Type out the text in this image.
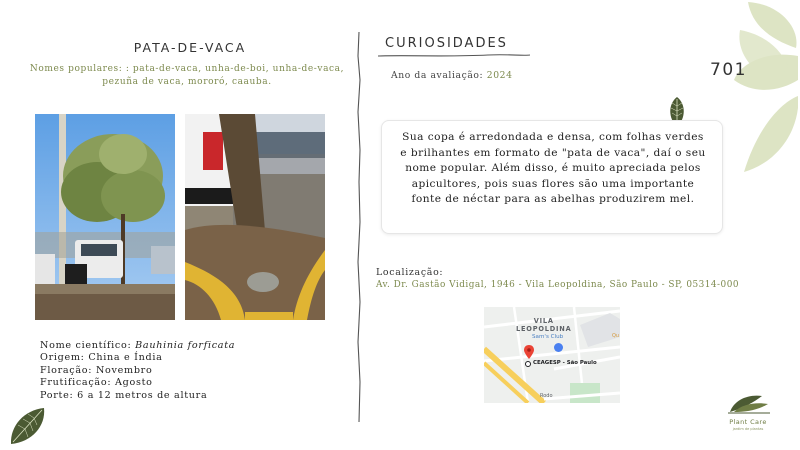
PATA-DE-VACA
Nomes populares: : pata-de-vaca, unha-de-boi, unha-de-vaca, pezuña de vaca, mororó, caauba.
Nome científico: Bauhinia forficata
Origem: China e Índia
Floração: Novembro
Frutificação: Agosto
Porte: 6 a 12 metros de altura
CURIOSIDADES
Ano da avaliação: 2024	701
Sua copa é arredondada e densa, com folhas verdes e brilhantes em formato de "pata de vaca", daí o seu nome popular. Além disso, é muito apreciada pelos apicultores, pois suas flores são uma importante fonte de néctar para as abelhas produzirem mel.
Localização:
Av. Dr. Gastão Vidigal, 1946 - Vila Leopoldina, São Paulo - SP, 05314-000
VILA
LEOPOLDINA
Sam's Club
CEAGESP - São Paulo
Rodo
Qu
Plant Care
jardim de plantas
